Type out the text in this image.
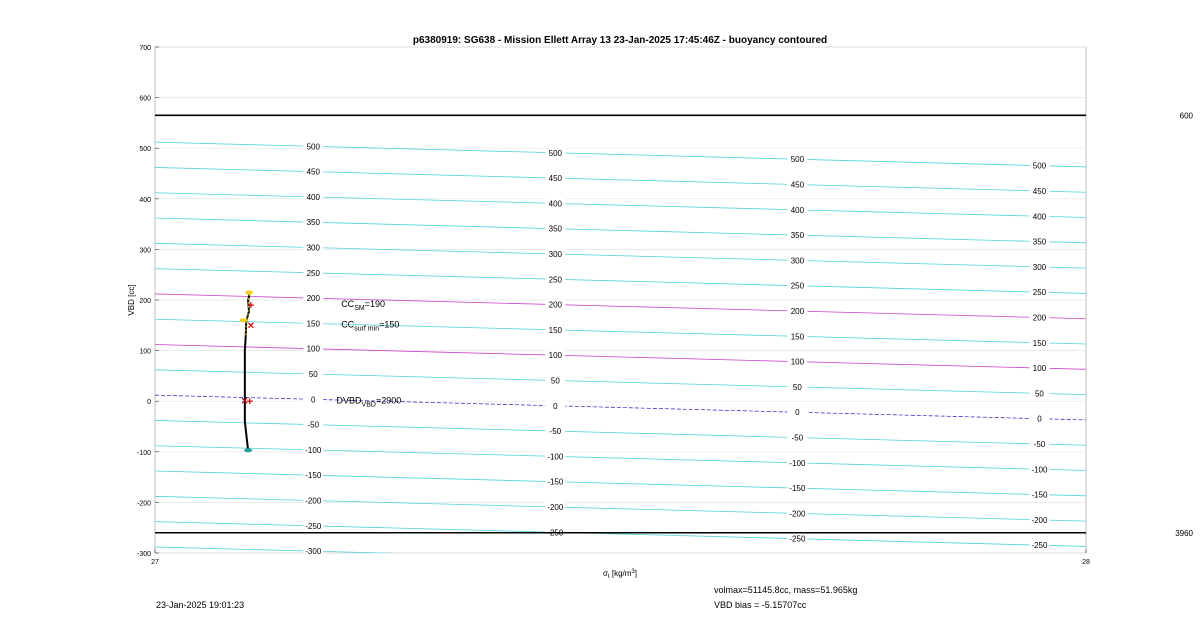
-300
-250
-250
-250
-250
-200
-200
-200
-200
-150
-150
-150
-150
-100
-100
-100
-100
-50
-50
-50
-50
0
0
0
0
50
50
50
50
100
100
100
100
150
150
150
150
200
200
200
200
250
250
250
250
300
300
300
300
350
350
350
350
400
400
400
400
450
450
450
450
500
500
500
500
600
3960
-300
-200
-100
0
100
200
300
400
500
600
700
27	28
$CC_{SM}=190$
$CC_{surf min}=150$
$DVBD_{VBD}=2900$
p6380919: SG638 - Mission Ellett Array 13 23-Jan-2025 17:45:46Z - buoyancy contoured
VBD [cc]
$\sigma_t$ $[kg/m^3]$
23-Jan-2025 19:01:23
volmax=51145.8cc, mass=51.965kg
VBD bias = -5.15707cc
